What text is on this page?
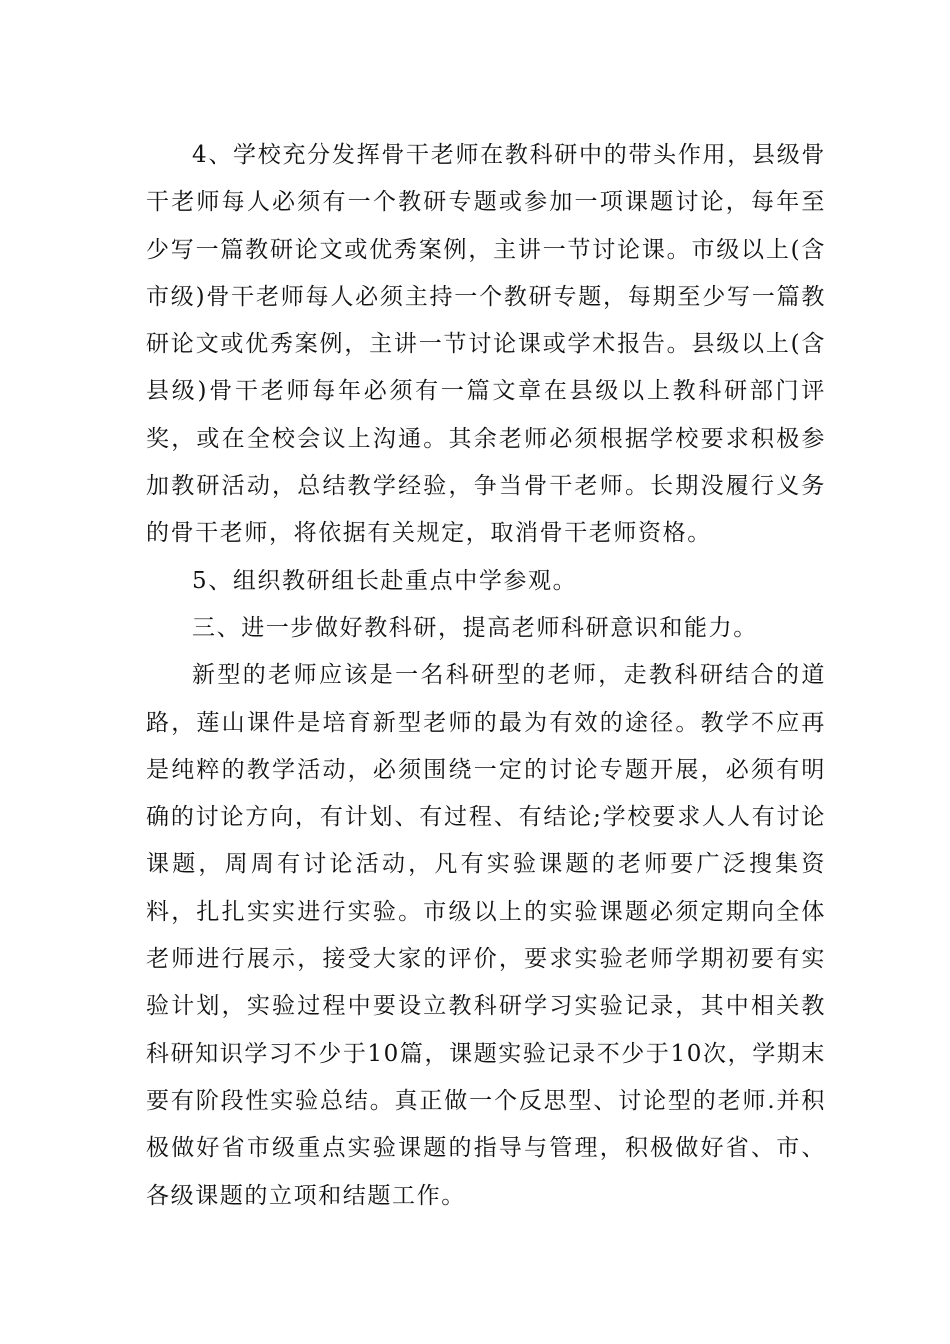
4、学校充分发挥骨干老师在教科研中的带头作用，县级骨干老师每人必须有一个教研专题或参加一项课题讨论，每年至少写一篇教研论文或优秀案例，主讲一节讨论课。市级以上(含市级)骨干老师每人必须主持一个教研专题，每期至少写一篇教研论文或优秀案例，主讲一节讨论课或学术报告。县级以上(含县级)骨干老师每年必须有一篇文章在县级以上教科研部门评奖，或在全校会议上沟通。其余老师必须根据学校要求积极参加教研活动，总结教学经验，争当骨干老师。长期没履行义务的骨干老师，将依据有关规定，取消骨干老师资格。

5、组织教研组长赴重点中学参观。

三、进一步做好教科研，提高老师科研意识和能力。

新型的老师应该是一名科研型的老师，走教科研结合的道路，莲山课件是培育新型老师的最为有效的途径。教学不应再是纯粹的教学活动，必须围绕一定的讨论专题开展，必须有明确的讨论方向，有计划、有过程、有结论;学校要求人人有讨论课题，周周有讨论活动，凡有实验课题的老师要广泛搜集资料，扎扎实实进行实验。市级以上的实验课题必须定期向全体老师进行展示，接受大家的评价，要求实验老师学期初要有实验计划，实验过程中要设立教科研学习实验记录，其中相关教科研知识学习不少于10篇，课题实验记录不少于10次，学期末要有阶段性实验总结。真正做一个反思型、讨论型的老师.并积极做好省市级重点实验课题的指导与管理，积极做好省、市、各级课题的立项和结题工作。
